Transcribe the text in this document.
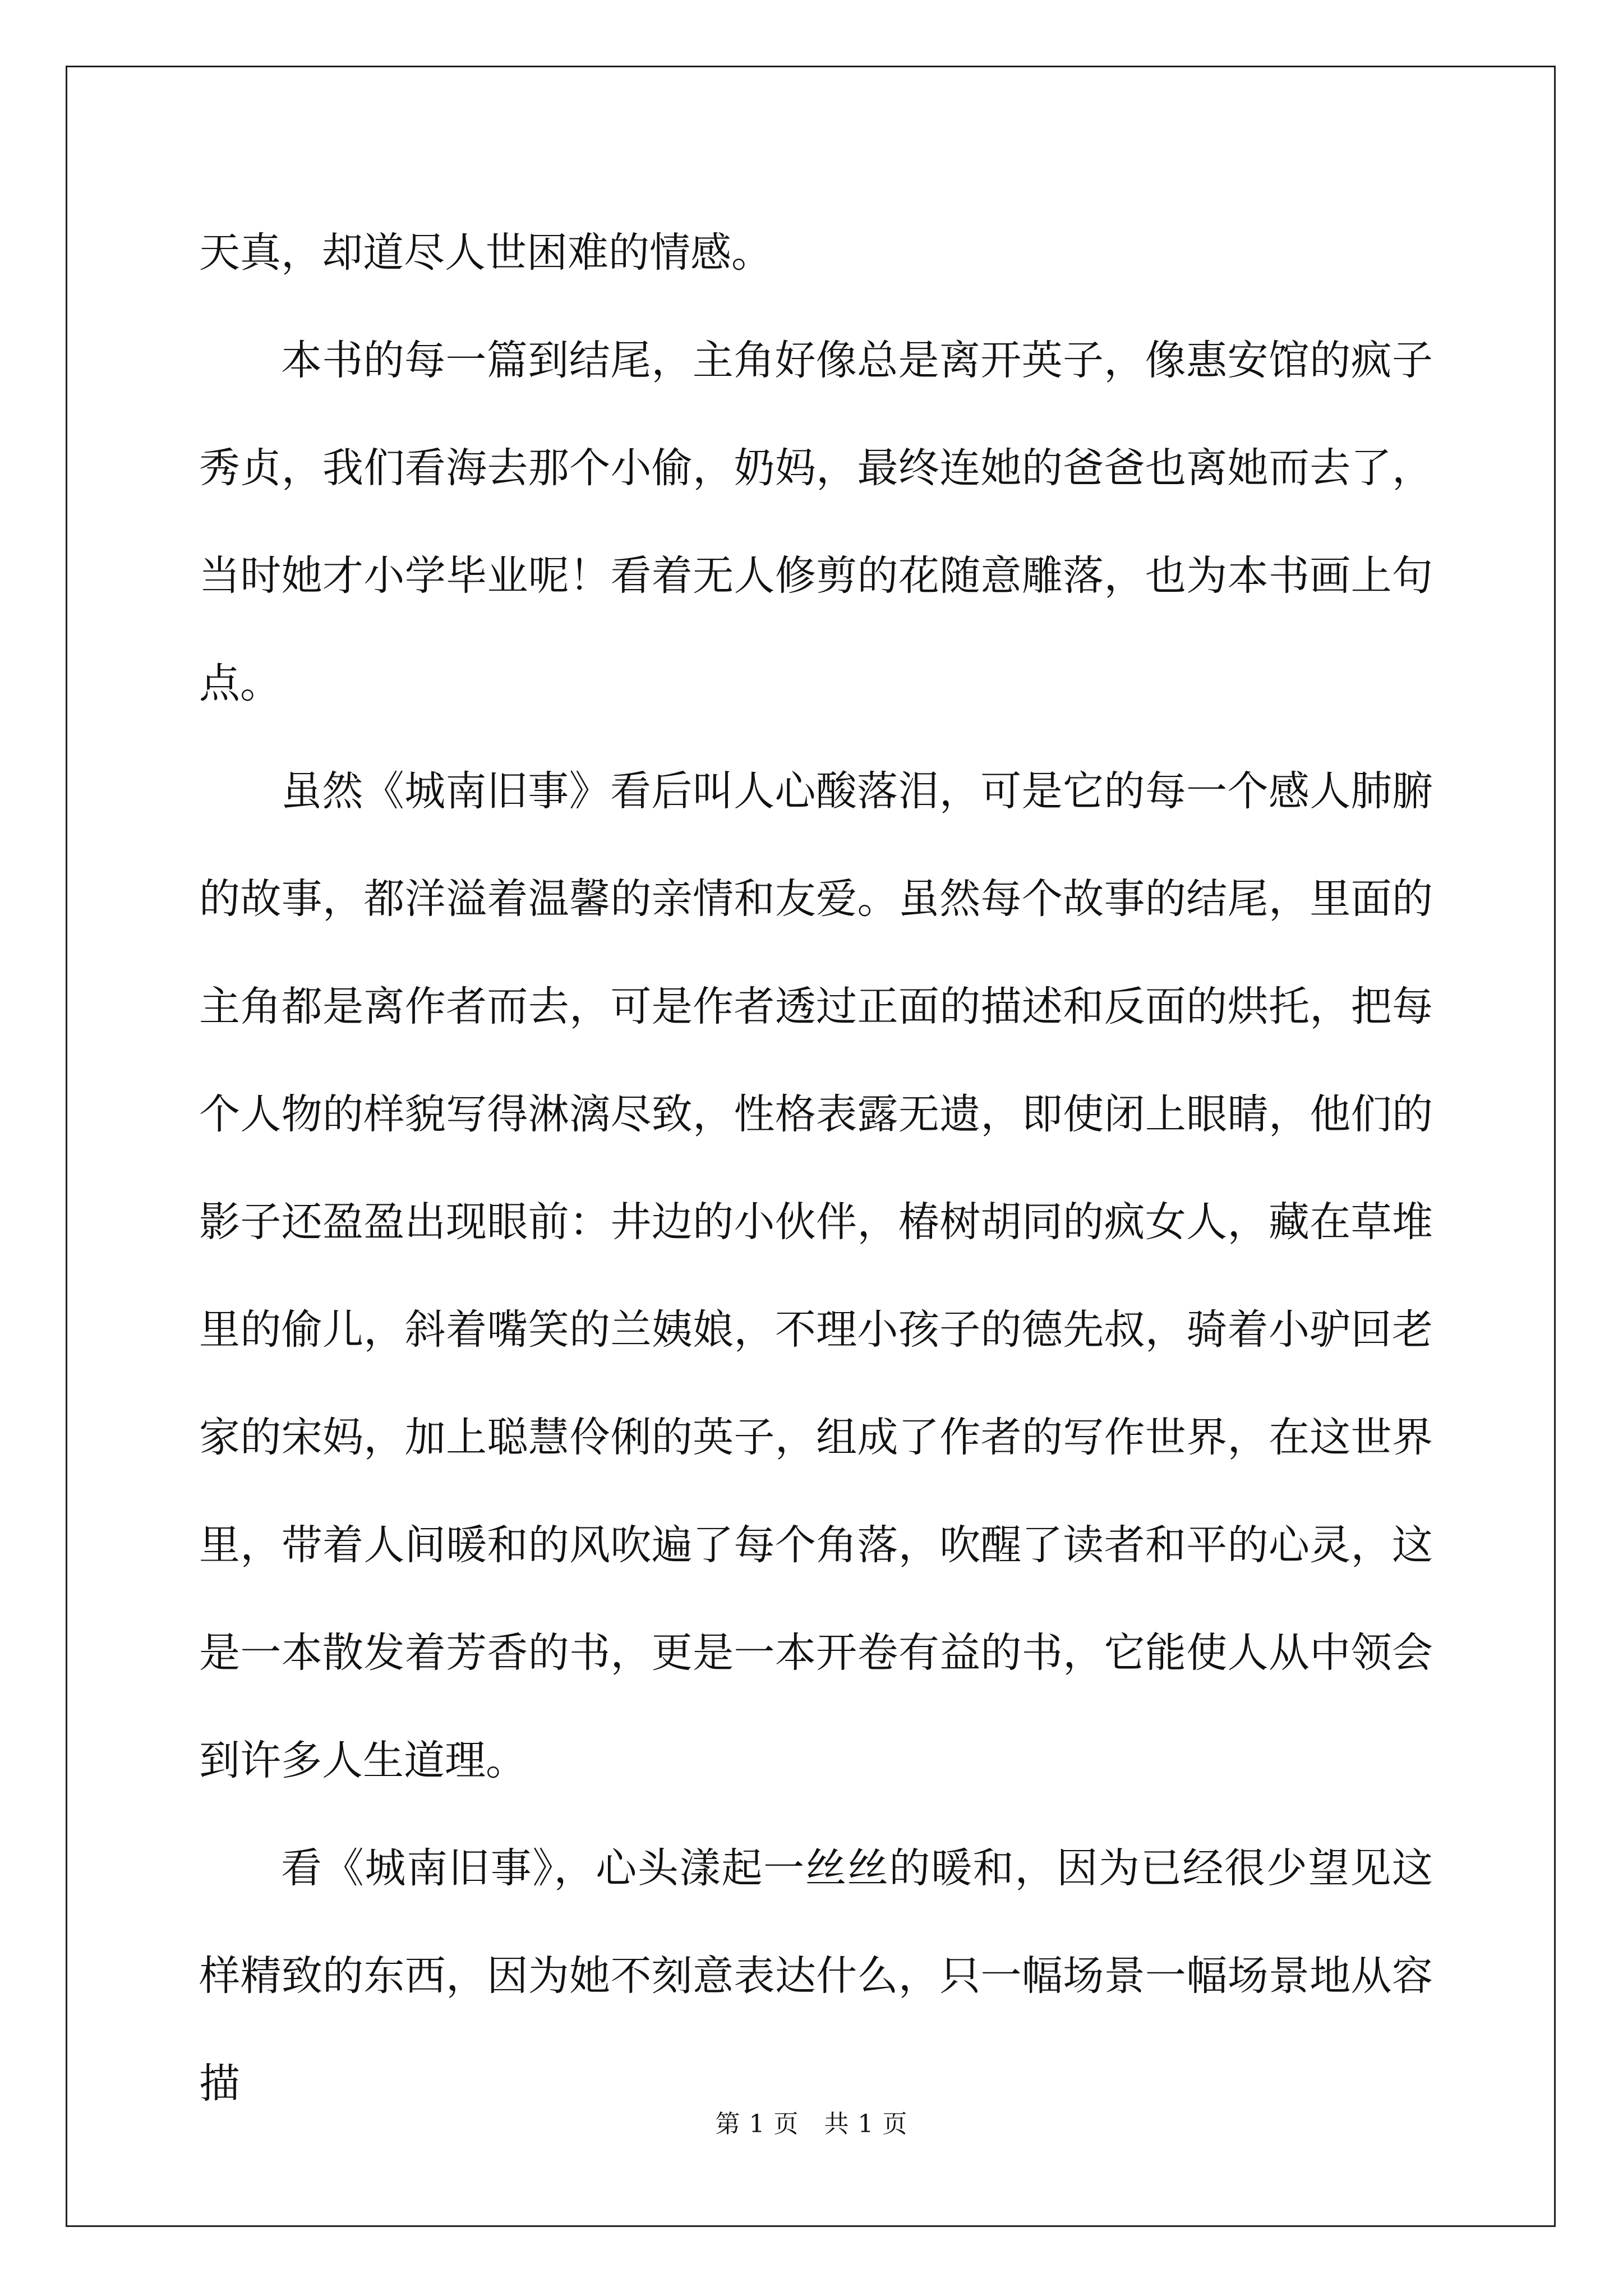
天真，却道尽人世困难的情感。

本书的每一篇到结尾，主角好像总是离开英子，像惠安馆的疯子秀贞，我们看海去那个小偷，奶妈，最终连她的爸爸也离她而去了，当时她才小学毕业呢！看着无人修剪的花随意雕落，也为本书画上句点。

虽然《城南旧事》看后叫人心酸落泪，可是它的每一个感人肺腑的故事，都洋溢着温馨的亲情和友爱。虽然每个故事的结尾，里面的主角都是离作者而去，可是作者透过正面的描述和反面的烘托，把每个人物的样貌写得淋漓尽致，性格表露无遗，即使闭上眼睛，他们的影子还盈盈出现眼前：井边的小伙伴，椿树胡同的疯女人，藏在草堆里的偷儿，斜着嘴笑的兰姨娘，不理小孩子的德先叔，骑着小驴回老家的宋妈，加上聪慧伶俐的英子，组成了作者的写作世界，在这世界里，带着人间暖和的风吹遍了每个角落，吹醒了读者和平的心灵，这是一本散发着芳香的书，更是一本开卷有益的书，它能使人从中领会到许多人生道理。

看《城南旧事》，心头漾起一丝丝的暖和，因为已经很少望见这样精致的东西，因为她不刻意表达什么，只一幅场景一幅场景地从容描

第 1 页　共 1 页
